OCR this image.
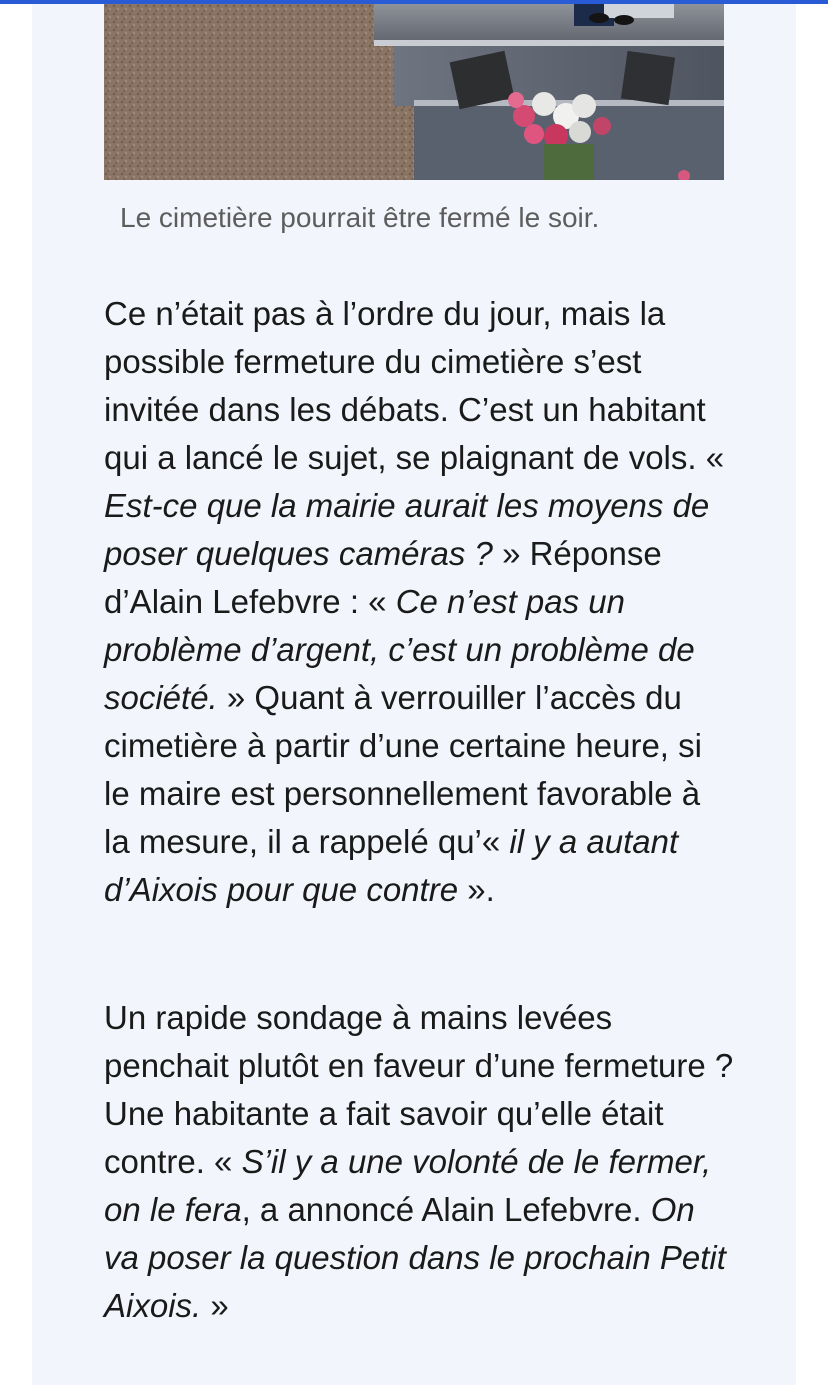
Le cimetière pourrait être fermé le soir.

Ce n’était pas à l’ordre du jour, mais la possible fermeture du cimetière s’est invitée dans les débats. C’est un habitant qui a lancé le sujet, se plaignant de vols. « Est-ce que la mairie aurait les moyens de poser quelques caméras ? » Réponse d’Alain Lefebvre : « Ce n’est pas un problème d’argent, c’est un problème de société. » Quant à verrouiller l’accès du cimetière à partir d’une certaine heure, si le maire est personnellement favorable à la mesure, il a rappelé qu’« il y a autant d’Aixois pour que contre ».

Un rapide sondage à mains levées penchait plutôt en faveur d’une fermeture ? Une habitante a fait savoir qu’elle était contre. « S’il y a une volonté de le fermer, on le fera, a annoncé Alain Lefebvre. On va poser la question dans le prochain Petit Aixois. »
